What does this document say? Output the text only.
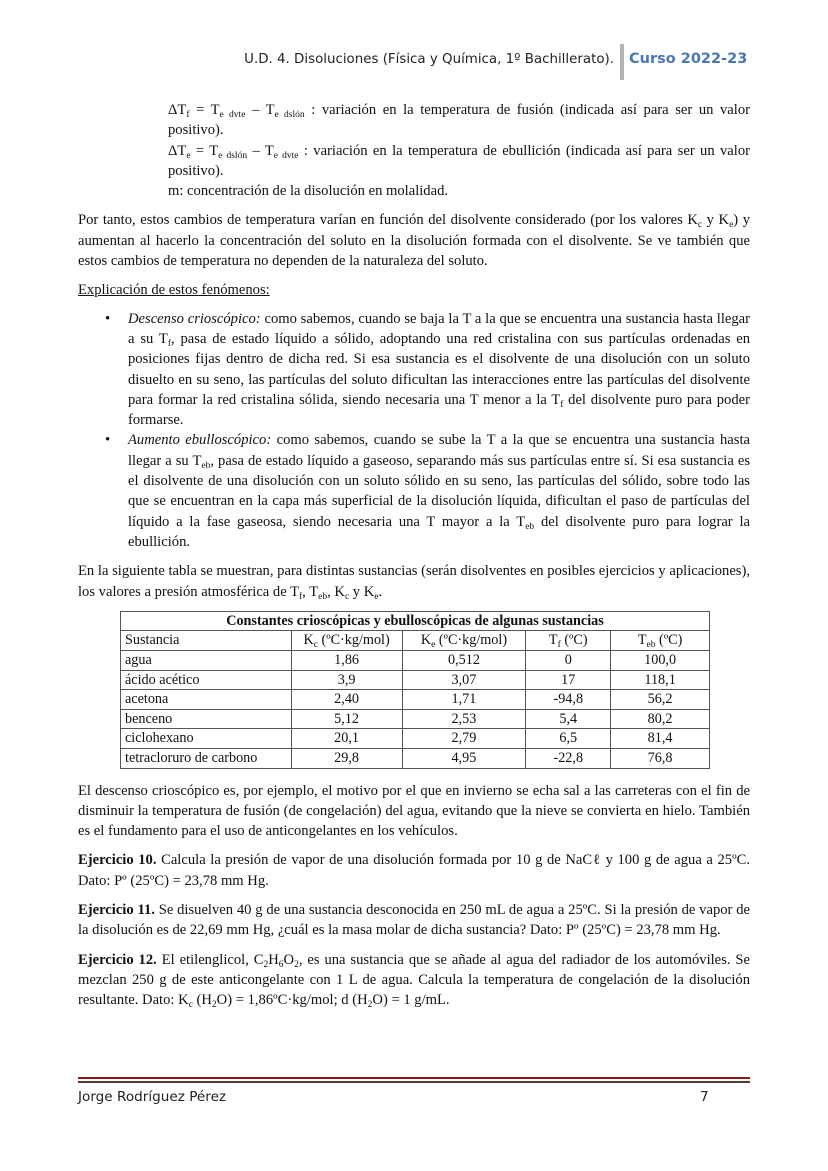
U.D. 4. Disoluciones (Física y Química, 1º Bachillerato). Curso 2022-23

$\Delta T_f = T_{e dvte} - T_{e dslón}$ : variación en la temperatura de fusión (indicada así para ser un valor positivo).

$\Delta T_e = T_{e dslón} - T_{e dvte}$ : variación en la temperatura de ebullición (indicada así para ser un valor positivo).

m: concentración de la disolución en molalidad.

Por tanto, estos cambios de temperatura varían en función del disolvente considerado (por los valores $K_c$ y $K_e$) y aumentan al hacerlo la concentración del soluto en la disolución formada con el disolvente. Se ve también que estos cambios de temperatura no dependen de la naturaleza del soluto.

Explicación de estos fenómenos:

• Descenso crioscópico: como sabemos, cuando se baja la T a la que se encuentra una sustancia hasta llegar a su $T_f$, pasa de estado líquido a sólido, adoptando una red cristalina con sus partículas ordenadas en posiciones fijas dentro de dicha red. Si esa sustancia es el disolvente de una disolución con un soluto disuelto en su seno, las partículas del soluto dificultan las interacciones entre las partículas del disolvente para formar la red cristalina sólida, siendo necesaria una T menor a la $T_f$ del disolvente puro para poder formarse.
• Aumento ebulloscópico: como sabemos, cuando se sube la T a la que se encuentra una sustancia hasta llegar a su $T_{eb}$, pasa de estado líquido a gaseoso, separando más sus partículas entre sí. Si esa sustancia es el disolvente de una disolución con un soluto sólido en su seno, las partículas del sólido, sobre todo las que se encuentran en la capa más superficial de la disolución líquida, dificultan el paso de partículas del líquido a la fase gaseosa, siendo necesaria una T mayor a la $T_{eb}$ del disolvente puro para lograr la ebullición.

En la siguiente tabla se muestran, para distintas sustancias (serán disolventes en posibles ejercicios y aplicaciones), los valores a presión atmosférica de $T_f$, $T_{eb}$, $K_c$ y $K_e$.

Constantes crioscópicas y ebulloscópicas de algunas sustancias				
Sustancia	$K_c$ (ºC·kg/mol)	$K_e$ (ºC·kg/mol)	$T_f$ (ºC)	$T_{eb}$ (ºC)
agua	1,86	0,512	0	100,0
ácido acético	3,9	3,07	17	118,1
acetona	2,40	1,71	-94,8	56,2
benceno	5,12	2,53	5,4	80,2
ciclohexano	20,1	2,79	6,5	81,4
tetracloruro de carbono	29,8	4,95	-22,8	76,8

El descenso crioscópico es, por ejemplo, el motivo por el que en invierno se echa sal a las carreteras con el fin de disminuir la temperatura de fusión (de congelación) del agua, evitando que la nieve se convierta en hielo. También es el fundamento para el uso de anticongelantes en los vehículos.

Ejercicio 10. Calcula la presión de vapor de una disolución formada por 10 g de NaCℓ y 100 g de agua a 25ºC. Dato: Pº (25ºC) = 23,78 mm Hg.

Ejercicio 11. Se disuelven 40 g de una sustancia desconocida en 250 mL de agua a 25ºC. Si la presión de vapor de la disolución es de 22,69 mm Hg, ¿cuál es la masa molar de dicha sustancia? Dato: Pº (25ºC) = 23,78 mm Hg.

Ejercicio 12. El etilenglicol, $C_2H_6O_2$, es una sustancia que se añade al agua del radiador de los automóviles. Se mezclan 250 g de este anticongelante con 1 L de agua. Calcula la temperatura de congelación de la disolución resultante. Dato: $K_c$ $(H_2O)$ = 1,86ºC·kg/mol; d $(H_2O) = 1$ g/mL.

Jorge Rodríguez Pérez	7
